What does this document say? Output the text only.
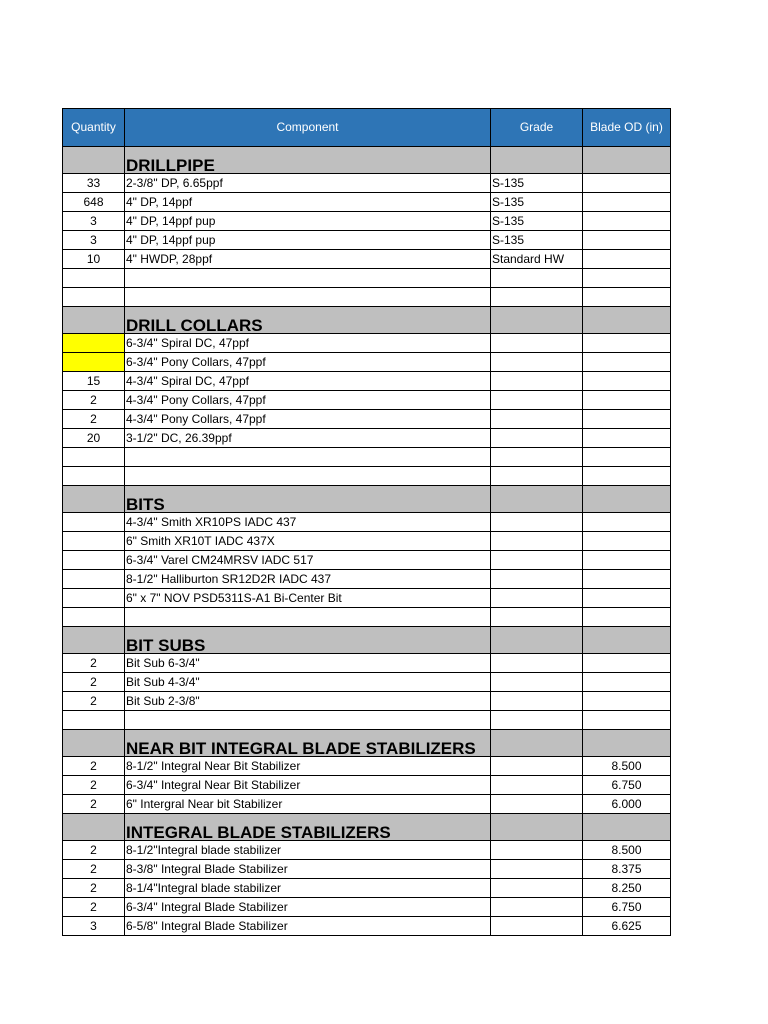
Quantity	Component	Grade	Blade OD (in)
	DRILLPIPE		
33	2-3/8" DP, 6.65ppf	S-135	
648	4" DP, 14ppf	S-135	
3	4" DP, 14ppf pup	S-135	
3	4" DP, 14ppf pup	S-135	
10	4" HWDP, 28ppf	Standard HW	

	DRILL COLLARS		
	6-3/4" Spiral DC, 47ppf		
	6-3/4" Pony Collars, 47ppf		
15	4-3/4" Spiral DC, 47ppf		
2	4-3/4" Pony Collars, 47ppf		
2	4-3/4" Pony Collars, 47ppf		
20	3-1/2" DC, 26.39ppf		

	BITS		
	4-3/4" Smith XR10PS IADC 437		
	6" Smith XR10T IADC 437X		
	6-3/4" Varel CM24MRSV IADC 517		
	8-1/2" Halliburton SR12D2R IADC 437		
	6" x 7" NOV PSD5311S-A1 Bi-Center Bit		

	BIT SUBS		
2	Bit Sub 6-3/4"		
2	Bit Sub 4-3/4"		
2	Bit Sub 2-3/8"		

	NEAR BIT INTEGRAL BLADE STABILIZERS		
2	8-1/2" Integral Near Bit Stabilizer		8.500
2	6-3/4" Integral Near Bit Stabilizer		6.750
2	6" Intergral Near bit Stabilizer		6.000
	INTEGRAL BLADE STABILIZERS		
2	8-1/2"Integral blade stabilizer		8.500
2	8-3/8" Integral Blade Stabilizer		8.375
2	8-1/4"Integral blade stabilizer		8.250
2	6-3/4" Integral Blade Stabilizer		6.750
3	6-5/8" Integral Blade Stabilizer		6.625
